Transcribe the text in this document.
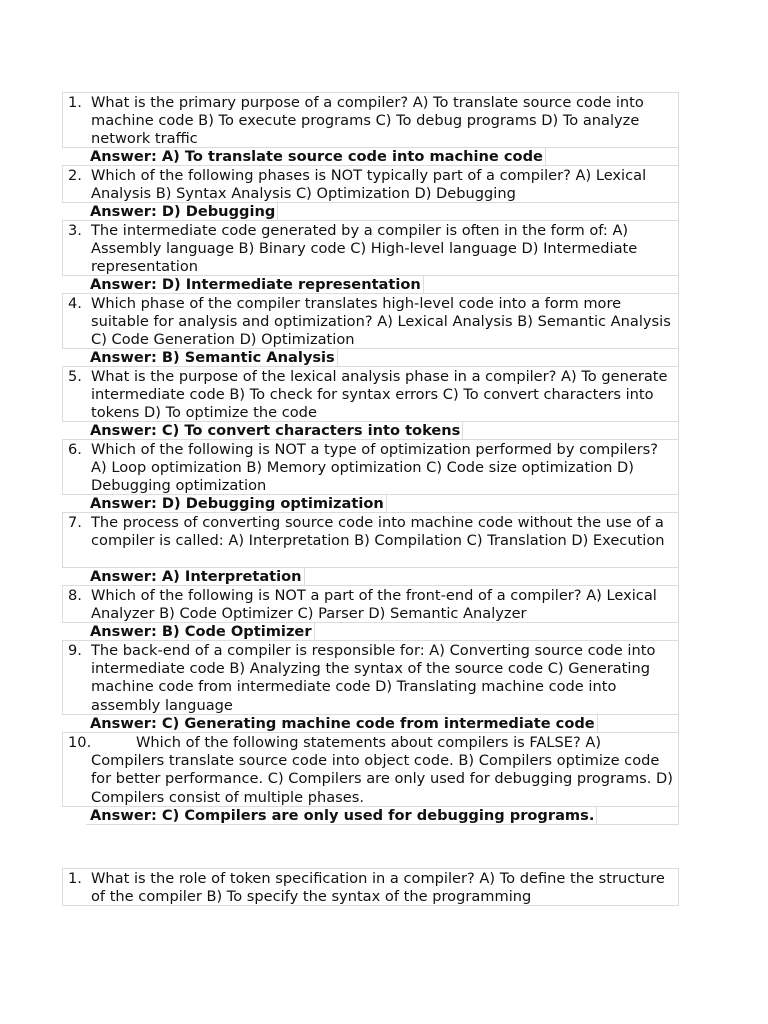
1. What is the primary purpose of a compiler? A) To translate source code into machine code B) To execute programs C) To debug programs D) To analyze network traffic
Answer: A) To translate source code into machine code
2. Which of the following phases is NOT typically part of a compiler? A) Lexical Analysis B) Syntax Analysis C) Optimization D) Debugging
Answer: D) Debugging
3. The intermediate code generated by a compiler is often in the form of: A) Assembly language B) Binary code C) High-level language D) Intermediate representation
Answer: D) Intermediate representation
4. Which phase of the compiler translates high-level code into a form more suitable for analysis and optimization? A) Lexical Analysis B) Semantic Analysis C) Code Generation D) Optimization
Answer: B) Semantic Analysis
5. What is the purpose of the lexical analysis phase in a compiler? A) To generate intermediate code B) To check for syntax errors C) To convert characters into tokens D) To optimize the code
Answer: C) To convert characters into tokens
6. Which of the following is NOT a type of optimization performed by compilers? A) Loop optimization B) Memory optimization C) Code size optimization D) Debugging optimization
Answer: D) Debugging optimization
7. The process of converting source code into machine code without the use of a compiler is called: A) Interpretation B) Compilation C) Translation D) Execution
Answer: A) Interpretation
8. Which of the following is NOT a part of the front-end of a compiler? A) Lexical Analyzer B) Code Optimizer C) Parser D) Semantic Analyzer
Answer: B) Code Optimizer
9. The back-end of a compiler is responsible for: A) Converting source code into intermediate code B) Analyzing the syntax of the source code C) Generating machine code from intermediate code D) Translating machine code into assembly language
Answer: C) Generating machine code from intermediate code
10.	Which of the following statements about compilers is FALSE? A) Compilers translate source code into object code. B) Compilers optimize code for better performance. C) Compilers are only used for debugging programs. D) Compilers consist of multiple phases.
Answer: C) Compilers are only used for debugging programs.
1. What is the role of token specification in a compiler? A) To define the structure of the compiler B) To specify the syntax of the programming
